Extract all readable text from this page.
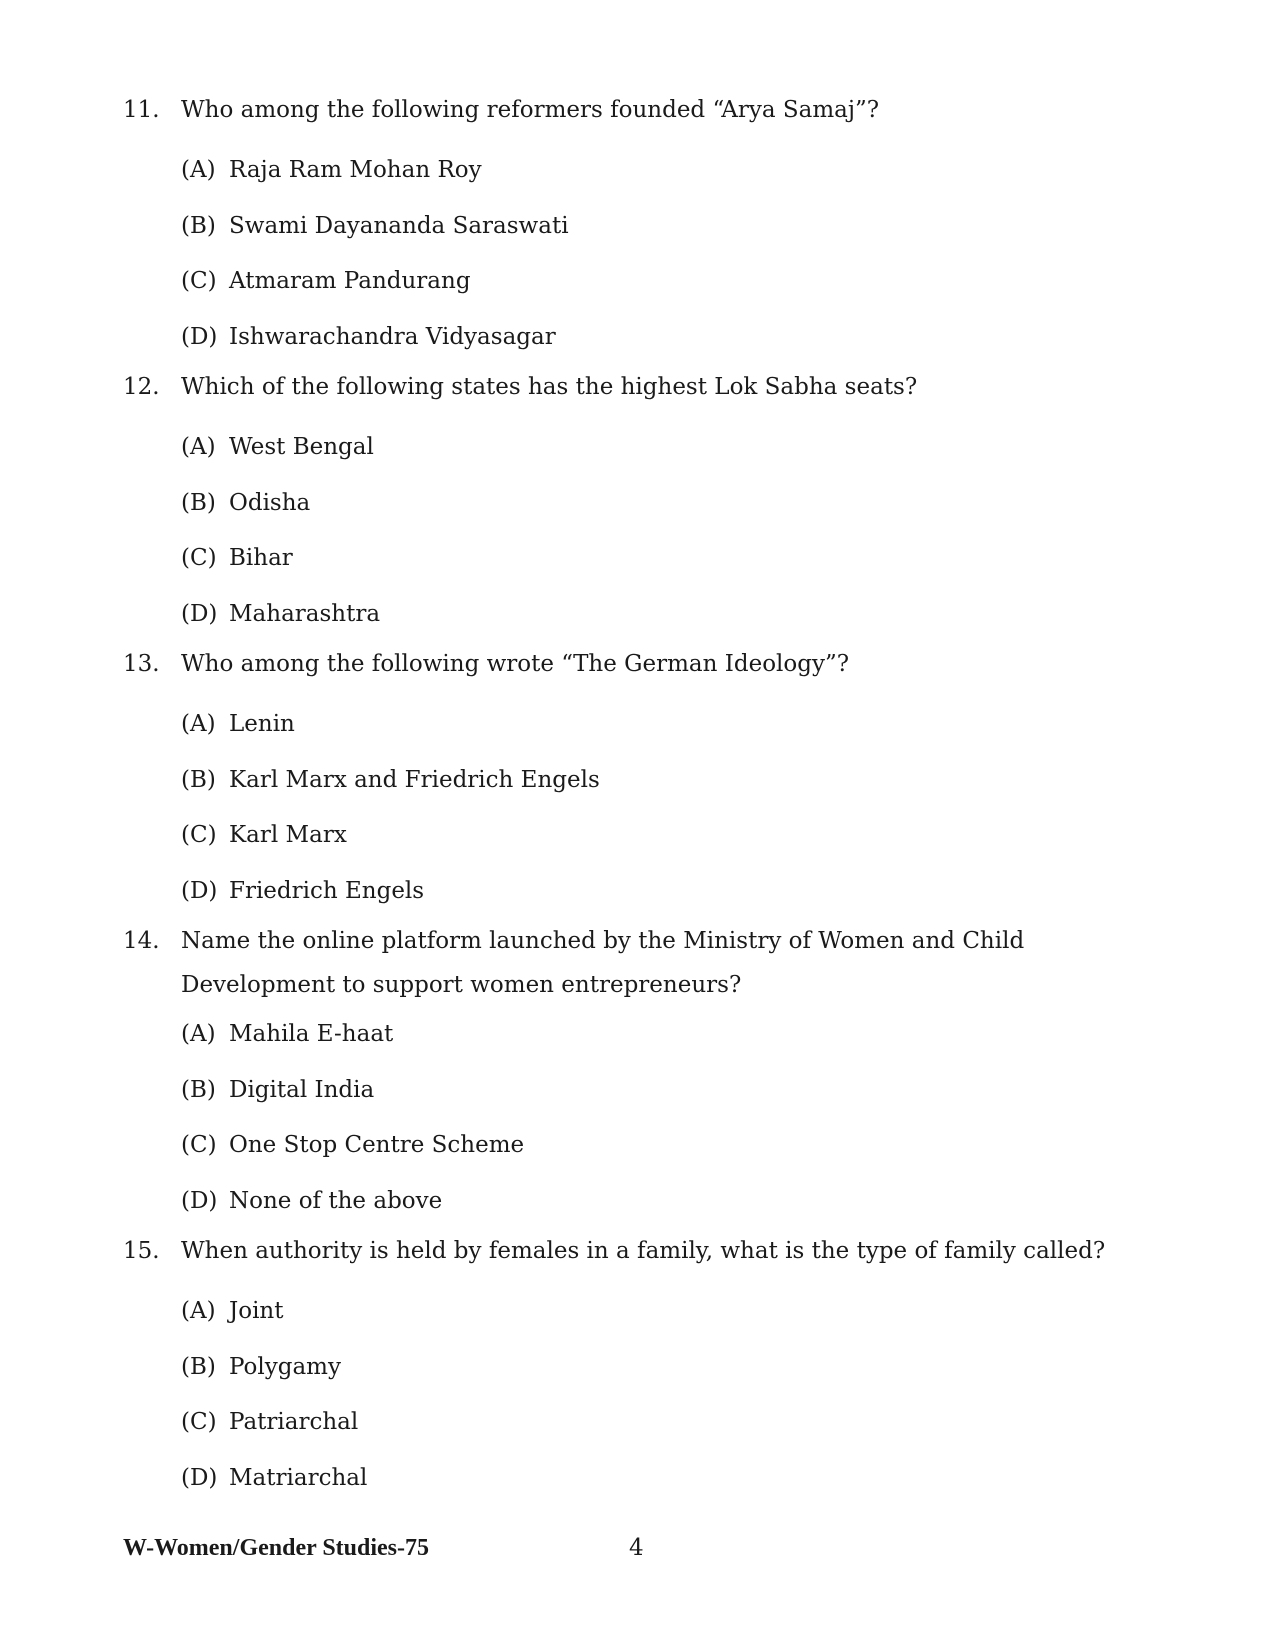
11. Who among the following reformers founded “Arya Samaj”?
(A) Raja Ram Mohan Roy
(B) Swami Dayananda Saraswati
(C) Atmaram Pandurang
(D) Ishwarachandra Vidyasagar
12. Which of the following states has the highest Lok Sabha seats?
(A) West Bengal
(B) Odisha
(C) Bihar
(D) Maharashtra
13. Who among the following wrote “The German Ideology”?
(A) Lenin
(B) Karl Marx and Friedrich Engels
(C) Karl Marx
(D) Friedrich Engels
14. Name the online platform launched by the Ministry of Women and Child Development to support women entrepreneurs?
(A) Mahila E-haat
(B) Digital India
(C) One Stop Centre Scheme
(D) None of the above
15. When authority is held by females in a family, what is the type of family called?
(A) Joint
(B) Polygamy
(C) Patriarchal
(D) Matriarchal
W-Women/Gender Studies-75	4
